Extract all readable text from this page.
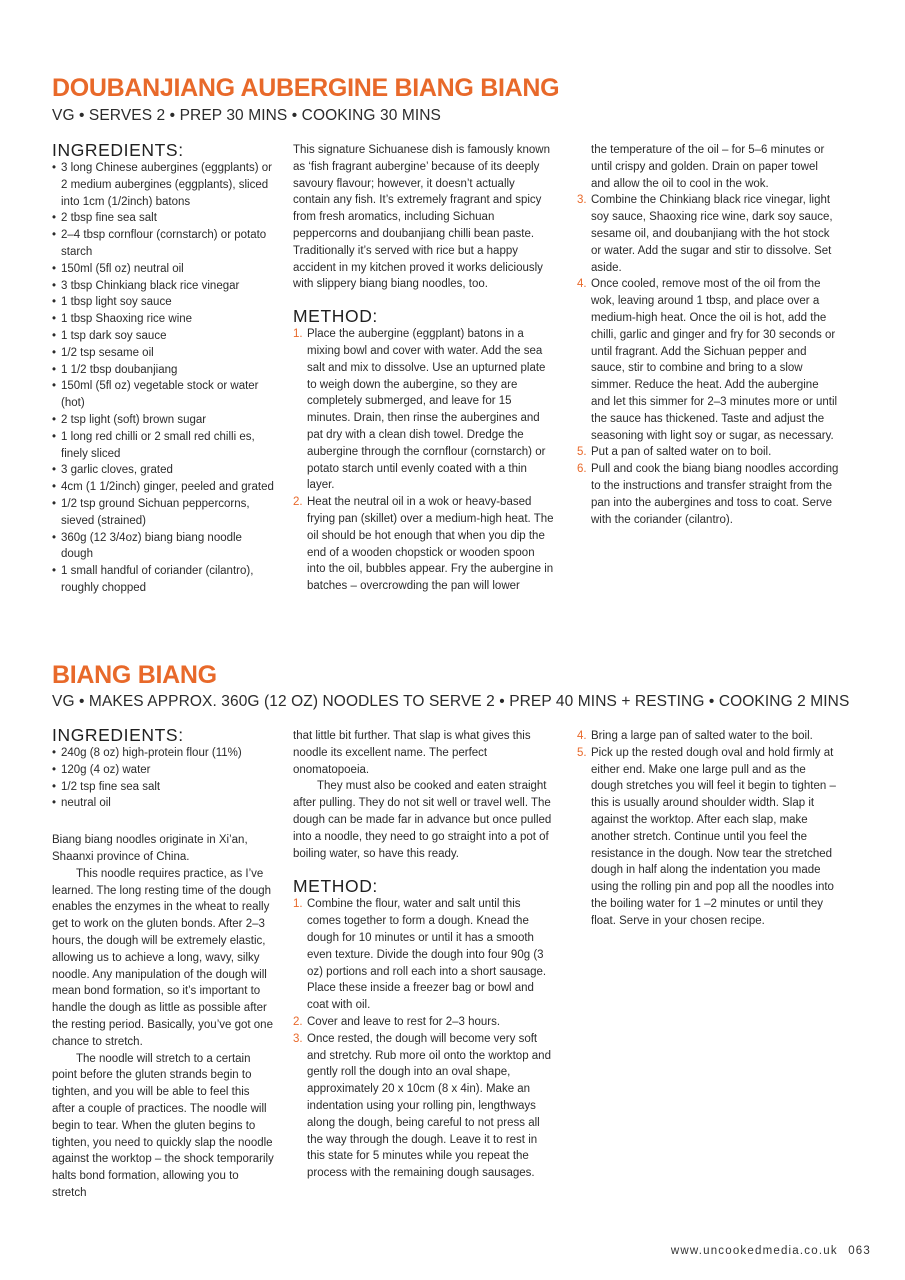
DOUBANJIANG AUBERGINE BIANG BIANG
VG • SERVES 2 • PREP 30 MINS • COOKING 30 MINS
INGREDIENTS:
• 3 long Chinese aubergines (eggplants) or 2 medium aubergines (eggplants), sliced into 1cm (1/2inch) batons
• 2 tbsp fine sea salt
• 2–4 tbsp cornflour (cornstarch) or potato starch
• 150ml (5fl oz) neutral oil
• 3 tbsp Chinkiang black rice vinegar
• 1 tbsp light soy sauce
• 1 tbsp Shaoxing rice wine
• 1 tsp dark soy sauce
• 1/2 tsp sesame oil
• 1 1/2 tbsp doubanjiang
• 150ml (5fl oz) vegetable stock or water (hot)
• 2 tsp light (soft) brown sugar
• 1 long red chilli or 2 small red chilli es, finely sliced
• 3 garlic cloves, grated
• 4cm (1 1/2inch) ginger, peeled and grated
• 1/2 tsp ground Sichuan peppercorns, sieved (strained)
• 360g (12 3/4oz) biang biang noodle dough
• 1 small handful of coriander (cilantro), roughly chopped

This signature Sichuanese dish is famously known as ‘fish fragrant aubergine’ because of its deeply savoury flavour; however, it doesn’t actually contain any fish. It’s extremely fragrant and spicy from fresh aromatics, including Sichuan peppercorns and doubanjiang chilli bean paste. Traditionally it’s served with rice but a happy accident in my kitchen proved it works deliciously with slippery biang biang noodles, too.

METHOD:
1. Place the aubergine (eggplant) batons in a mixing bowl and cover with water. Add the sea salt and mix to dissolve. Use an upturned plate to weigh down the aubergine, so they are completely submerged, and leave for 15 minutes. Drain, then rinse the aubergines and pat dry with a clean dish towel. Dredge the aubergine through the cornflour (cornstarch) or potato starch until evenly coated with a thin layer.
2. Heat the neutral oil in a wok or heavy-based frying pan (skillet) over a medium-high heat. The oil should be hot enough that when you dip the end of a wooden chopstick or wooden spoon into the oil, bubbles appear. Fry the aubergine in batches – overcrowding the pan will lower

the temperature of the oil – for 5–6 minutes or until crispy and golden. Drain on paper towel and allow the oil to cool in the wok.

3. Combine the Chinkiang black rice vinegar, light soy sauce, Shaoxing rice wine, dark soy sauce, sesame oil, and doubanjiang with the hot stock or water. Add the sugar and stir to dissolve. Set aside.
4. Once cooled, remove most of the oil from the wok, leaving around 1 tbsp, and place over a medium-high heat. Once the oil is hot, add the chilli, garlic and ginger and fry for 30 seconds or until fragrant. Add the Sichuan pepper and sauce, stir to combine and bring to a slow simmer. Reduce the heat. Add the aubergine and let this simmer for 2–3 minutes more or until the sauce has thickened. Taste and adjust the seasoning with light soy or sugar, as necessary.
5. Put a pan of salted water on to boil.
6. Pull and cook the biang biang noodles according to the instructions and transfer straight from the pan into the aubergines and toss to coat. Serve with the coriander (cilantro).
BIANG BIANG
VG • MAKES APPROX. 360G (12 OZ) NOODLES TO SERVE 2 • PREP 40 MINS + RESTING • COOKING 2 MINS
INGREDIENTS:
• 240g (8 oz) high-protein flour (11%)
• 120g (4 oz) water
• 1/2 tsp fine sea salt
• neutral oil

Biang biang noodles originate in Xi’an, Shaanxi province of China.

This noodle requires practice, as I’ve learned. The long resting time of the dough enables the enzymes in the wheat to really get to work on the gluten bonds. After 2–3 hours, the dough will be extremely elastic, allowing us to achieve a long, wavy, silky noodle. Any manipulation of the dough will mean bond formation, so it’s important to handle the dough as little as possible after the resting period. Basically, you’ve got one chance to stretch.

The noodle will stretch to a certain point before the gluten strands begin to tighten, and you will be able to feel this after a couple of practices. The noodle will begin to tear. When the gluten begins to tighten, you need to quickly slap the noodle against the worktop – the shock temporarily halts bond formation, allowing you to stretch

that little bit further. That slap is what gives this noodle its excellent name. The perfect onomatopoeia.

They must also be cooked and eaten straight after pulling. They do not sit well or travel well. The dough can be made far in advance but once pulled into a noodle, they need to go straight into a pot of boiling water, so have this ready.

METHOD:
1. Combine the flour, water and salt until this comes together to form a dough. Knead the dough for 10 minutes or until it has a smooth even texture. Divide the dough into four 90g (3 oz) portions and roll each into a short sausage. Place these inside a freezer bag or bowl and coat with oil.
2. Cover and leave to rest for 2–3 hours.
3. Once rested, the dough will become very soft and stretchy. Rub more oil onto the worktop and gently roll the dough into an oval shape, approximately 20 x 10cm (8 x 4in). Make an indentation using your rolling pin, lengthways along the dough, being careful to not press all the way through the dough. Leave it to rest in this state for 5 minutes while you repeat the process with the remaining dough sausages.
4. Bring a large pan of salted water to the boil.
5. Pick up the rested dough oval and hold firmly at either end. Make one large pull and as the dough stretches you will feel it begin to tighten – this is usually around shoulder width. Slap it against the worktop. After each slap, make another stretch. Continue until you feel the resistance in the dough. Now tear the stretched dough in half along the indentation you made using the rolling pin and pop all the noodles into the boiling water for 1 –2 minutes or until they float. Serve in your chosen recipe.
www.uncookedmedia.co.uk 063
